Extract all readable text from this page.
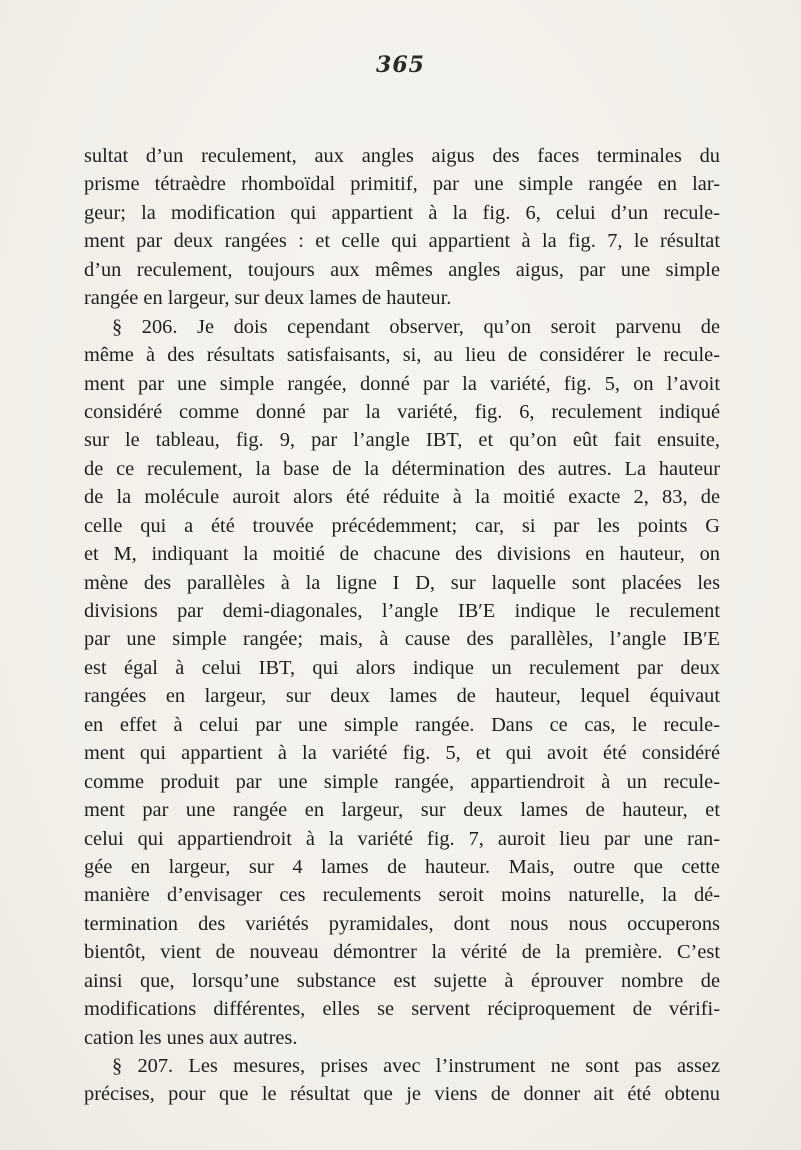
365
sultat d’un reculement, aux angles aigus des faces terminales du
prisme tétraèdre rhomboïdal primitif, par une simple rangée en lar-
geur; la modification qui appartient à la fig. 6, celui d’un recule-
ment par deux rangées : et celle qui appartient à la fig. 7, le résultat
d’un reculement, toujours aux mêmes angles aigus, par une simple
rangée en largeur, sur deux lames de hauteur.
§ 206. Je dois cependant observer, qu’on seroit parvenu de
même à des résultats satisfaisants, si, au lieu de considérer le recule-
ment par une simple rangée, donné par la variété, fig. 5, on l’avoit
considéré comme donné par la variété, fig. 6, reculement indiqué
sur le tableau, fig. 9, par l’angle IBT, et qu’on eût fait ensuite,
de ce reculement, la base de la détermination des autres. La hauteur
de la molécule auroit alors été réduite à la moitié exacte 2, 83, de
celle qui a été trouvée précédemment; car, si par les points G
et M, indiquant la moitié de chacune des divisions en hauteur, on
mène des parallèles à la ligne I D, sur laquelle sont placées les
divisions par demi-diagonales, l’angle IB′E indique le reculement
par une simple rangée; mais, à cause des parallèles, l’angle IB′E
est égal à celui IBT, qui alors indique un reculement par deux
rangées en largeur, sur deux lames de hauteur, lequel équivaut
en effet à celui par une simple rangée. Dans ce cas, le recule-
ment qui appartient à la variété fig. 5, et qui avoit été considéré
comme produit par une simple rangée, appartiendroit à un recule-
ment par une rangée en largeur, sur deux lames de hauteur, et
celui qui appartiendroit à la variété fig. 7, auroit lieu par une ran-
gée en largeur, sur 4 lames de hauteur. Mais, outre que cette
manière d’envisager ces reculements seroit moins naturelle, la dé-
termination des variétés pyramidales, dont nous nous occuperons
bientôt, vient de nouveau démontrer la vérité de la première. C’est
ainsi que, lorsqu’une substance est sujette à éprouver nombre de
modifications différentes, elles se servent réciproquement de vérifi-
cation les unes aux autres.
§ 207. Les mesures, prises avec l’instrument ne sont pas assez
précises, pour que le résultat que je viens de donner ait été obtenu
